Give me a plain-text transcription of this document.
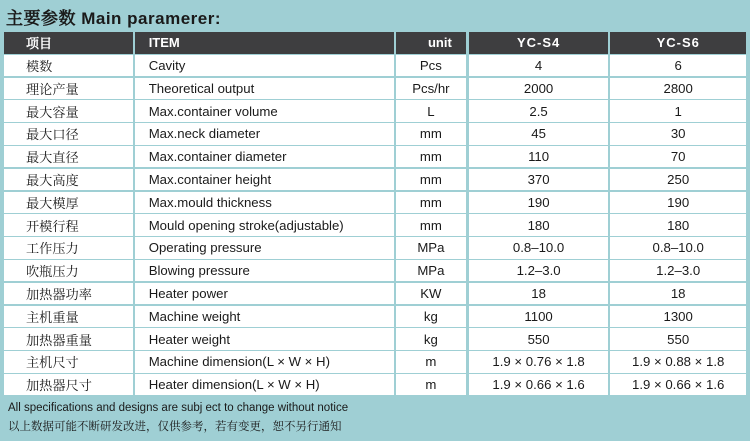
主要参数 Main paramerer:
项目	ITEM	unit	YC-S4	YC-S6
模数	Cavity	Pcs	4	6
理论产量	Theoretical output	Pcs/hr	2000	2800
最大容量	Max.container volume	L	2.5	1
最大口径	Max.neck diameter	mm	45	30
最大直径	Max.container diameter	mm	110	70
最大高度	Max.container height	mm	370	250
最大模厚	Max.mould thickness	mm	190	190
开模行程	Mould opening stroke(adjustable)	mm	180	180
工作压力	Operating pressure	MPa	0.8–10.0	0.8–10.0
吹瓶压力	Blowing pressure	MPa	1.2–3.0	1.2–3.0
加热器功率	Heater power	KW	18	18
主机重量	Machine weight	kg	1100	1300
加热器重量	Heater weight	kg	550	550
主机尺寸	Machine dimension(L × W × H)	m	1.9 × 0.76 × 1.8	1.9 × 0.88 × 1.8
加热器尺寸	Heater dimension(L × W × H)	m	1.9 × 0.66 × 1.6	1.9 × 0.66 × 1.6
All specifications and designs are subj ect to change without notice
以上数据可能不断研发改进，仅供参考，若有变更，恕不另行通知
